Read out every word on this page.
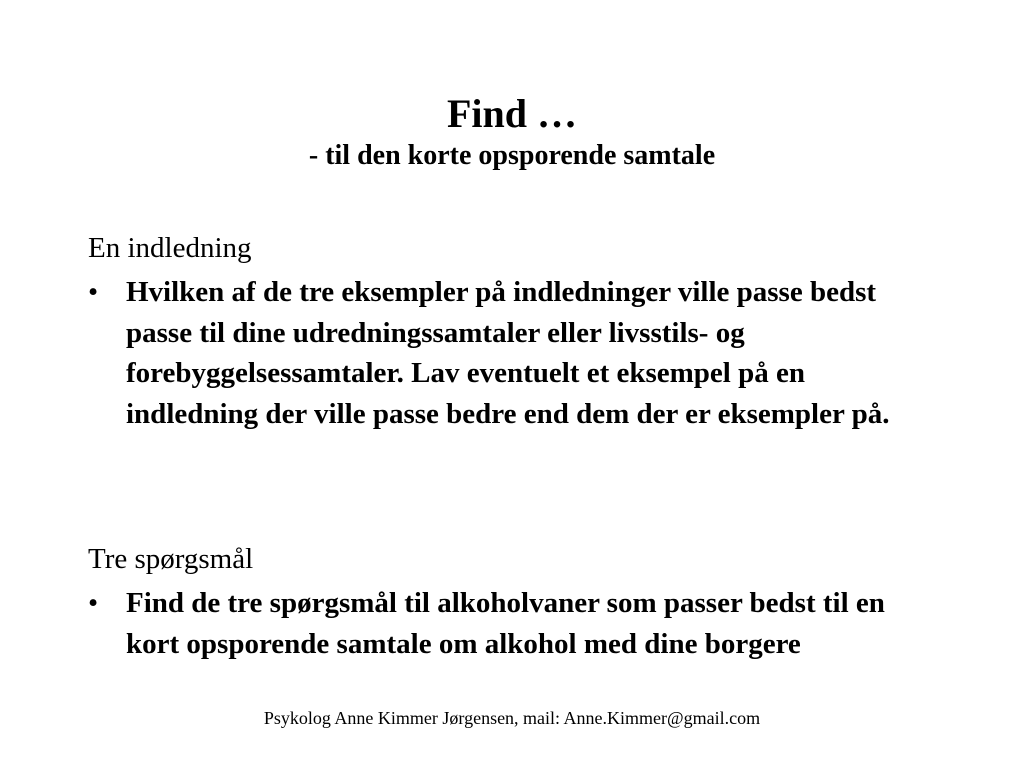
Find …
- til den korte opsporende samtale

En indledning

• Hvilken af de tre eksempler på indledninger ville passe bedst passe til dine udredningssamtaler eller livsstils- og forebyggelsessamtaler. Lav eventuelt et eksempel på en indledning der ville passe bedre end dem der er eksempler på.

Tre spørgsmål

• Find de tre spørgsmål til alkoholvaner som passer bedst til en kort opsporende samtale om alkohol med dine borgere
Psykolog Anne Kimmer Jørgensen, mail: Anne.Kimmer@gmail.com
